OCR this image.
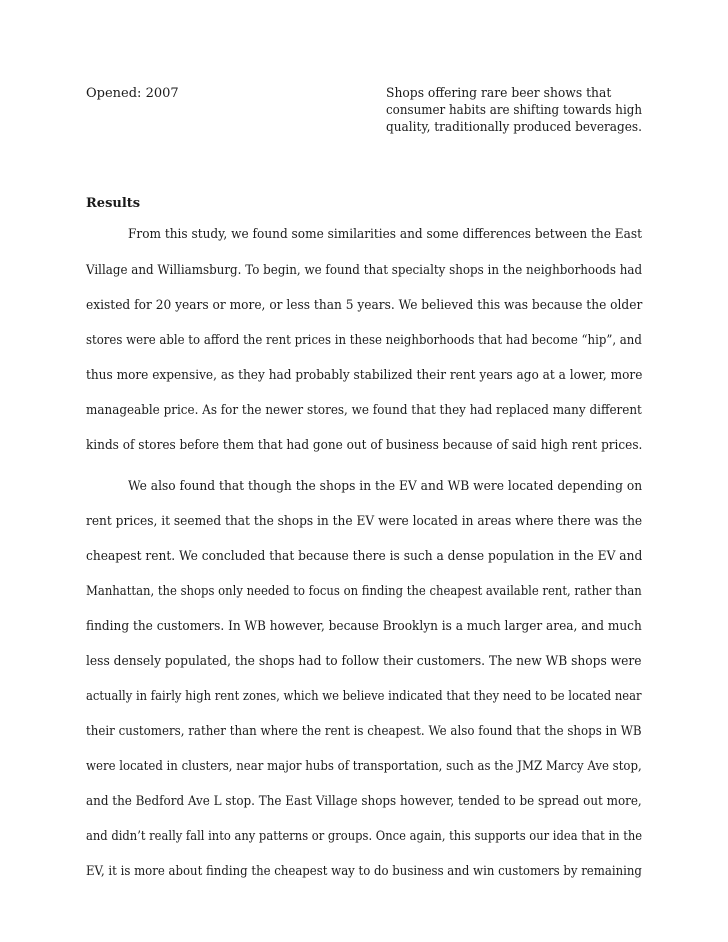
Opened: 2007	Shops offering rare beer shows that
consumer habits are shifting towards high
quality, traditionally produced beverages.
Results
From this study, we found some similarities and some differences between the East
Village and Williamsburg. To begin, we found that specialty shops in the neighborhoods had
existed for 20 years or more, or less than 5 years. We believed this was because the older
stores were able to afford the rent prices in these neighborhoods that had become “hip”, and
thus more expensive, as they had probably stabilized their rent years ago at a lower, more
manageable price. As for the newer stores, we found that they had replaced many different
kinds of stores before them that had gone out of business because of said high rent prices.
We also found that though the shops in the EV and WB were located depending on
rent prices, it seemed that the shops in the EV were located in areas where there was the
cheapest rent. We concluded that because there is such a dense population in the EV and
Manhattan, the shops only needed to focus on finding the cheapest available rent, rather than
finding the customers. In WB however, because Brooklyn is a much larger area, and much
less densely populated, the shops had to follow their customers. The new WB shops were
actually in fairly high rent zones, which we believe indicated that they need to be located near
their customers, rather than where the rent is cheapest. We also found that the shops in WB
were located in clusters, near major hubs of transportation, such as the JMZ Marcy Ave stop,
and the Bedford Ave L stop. The East Village shops however, tended to be spread out more,
and didn’t really fall into any patterns or groups. Once again, this supports our idea that in the
EV, it is more about finding the cheapest way to do business and win customers by remaining
